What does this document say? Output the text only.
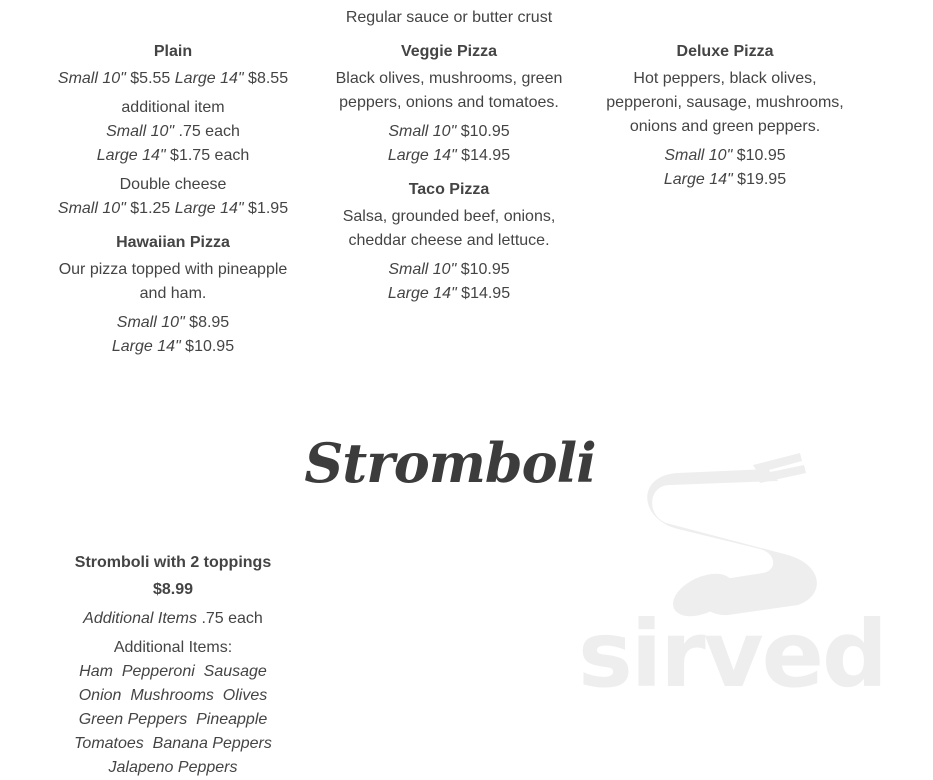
Regular sauce or butter crust
Plain
Small 10" $5.55 Large 14" $8.55
additional item
Small 10" .75 each
Large 14" $1.75 each
Double cheese
Small 10" $1.25 Large 14" $1.95
Hawaiian Pizza
Our pizza topped with pineapple and ham.
Small 10" $8.95
Large 14" $10.95
Veggie Pizza
Black olives, mushrooms, green peppers, onions and tomatoes.
Small 10" $10.95
Large 14" $14.95
Taco Pizza
Salsa, grounded beef, onions, cheddar cheese and lettuce.
Small 10" $10.95
Large 14" $14.95
Deluxe Pizza
Hot peppers, black olives, pepperoni, sausage, mushrooms, onions and green peppers.
Small 10" $10.95
Large 14" $19.95
sirved
Stromboli
Stromboli with 2 toppings
$8.99
Additional Items .75 each
Additional Items:
Ham  Pepperoni  Sausage
Onion  Mushrooms  Olives
Green Peppers  Pineapple
Tomatoes  Banana Peppers
Jalapeno Peppers
